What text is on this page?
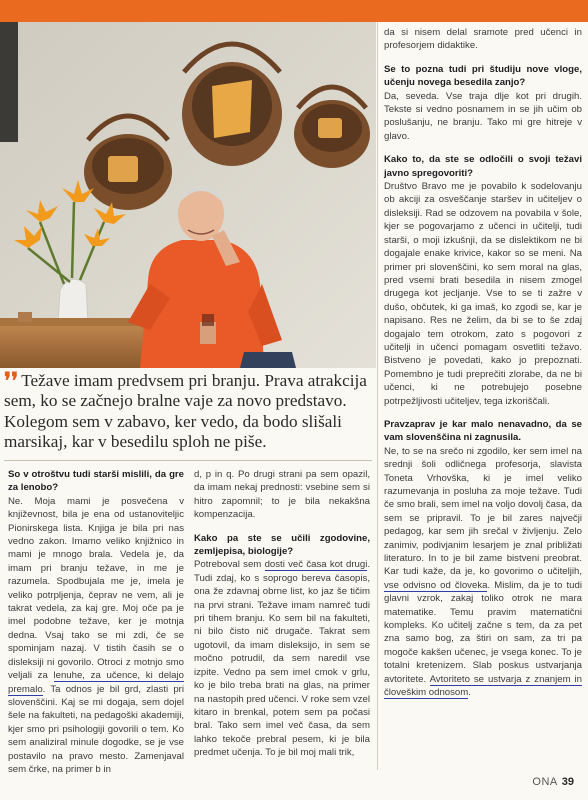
❜❜ Težave imam predvsem pri branju. Prava atrakcija sem, ko se začnejo bralne vaje za novo predstavo. Kolegom sem v zabavo, ker vedo, da bodo slišali marsikaj, kar v besedilu sploh ne piše.

So v otroštvu tudi starši mislili, da gre za lenobo?

Ne. Moja mami je posvečena v književnost, bila je ena od ustanoviteljic Pionirskega lista. Knjiga je bila pri nas vedno zakon. Imamo veliko knjižnico in mami je mnogo brala. Vedela je, da imam pri branju težave, in me je razumela. Spodbujala me je, imela je veliko potrpljenja, čeprav ne vem, ali je takrat vedela, za kaj gre. Moj oče pa je imel podobne težave, ker je motnja dedna. Vsaj tako se mi zdi, če se spominjam nazaj. V tistih časih se o disleksiji ni govorilo. Otroci z motnjo smo veljali za lenuhe, za učence, ki delajo premalo. Ta odnos je bil grd, zlasti pri slovenščini. Kaj se mi dogaja, sem dojel šele na fakulteti, na pedagoški akademiji, kjer smo pri psihologiji govorili o tem. Ko sem analiziral minule dogodke, se je vse postavilo na pravo mesto. Zamenjaval sem črke, na primer b in

d, p in q. Po drugi strani pa sem opazil, da imam nekaj prednosti: vsebine sem si hitro zapomnil; to je bila nekakšna kompenzacija.

Kako pa ste se učili zgodovine, zemljepisa, biologije?

Potreboval sem dosti več časa kot drugi. Tudi zdaj, ko s soprogo bereva časopis, ona že zdavnaj obrne list, ko jaz še tičim na prvi strani. Težave imam namreč tudi pri tihem branju. Ko sem bil na fakulteti, ni bilo čisto nič drugače. Takrat sem ugotovil, da imam disleksijo, in sem se močno potrudil, da sem naredil vse izpite. Vedno pa sem imel cmok v grlu, ko je bilo treba brati na glas, na primer na nastopih pred učenci. V roke sem vzel kitaro in brenkal, potem sem pa počasi bral. Tako sem imel več časa, da sem lahko tekoče prebral pesem, ki je bila predmet učenja. To je bil moj mali trik,

da si nisem delal sramote pred učenci in profesorjem didaktike.

Se to pozna tudi pri študiju nove vloge, učenju novega besedila zanjo?

Da, seveda. Vse traja dlje kot pri drugih. Tekste si vedno posnamem in se jih učim ob poslušanju, ne branju. Tako mi gre hitreje v glavo.

Kako to, da ste se odločili o svoji težavi javno spregovoriti?

Društvo Bravo me je povabilo k sodelovanju ob akciji za osveščanje staršev in učiteljev o disleksiji. Rad se odzovem na povabila v šole, kjer se pogovarjamo z učenci in učitelji, tudi starši, o moji izkušnji, da se dislektikom ne bi dogajale enake krivice, kakor so se meni. Na primer pri slovenščini, ko sem moral na glas, pred vsemi brati besedila in nisem zmogel drugega kot jecljanje. Vse to se ti zažre v dušo, občutek, ki ga imaš, ko zgodi se, kar je napisano. Res ne želim, da bi se to še zdaj dogajalo tem otrokom, zato s pogovori z učitelji in učenci pomagam osvetliti težavo. Bistveno je povedati, kako jo prepoznati. Pomembno je tudi preprečiti zlorabe, da ne bi učenci, ki ne potrebujejo posebne potrpežljivosti učiteljev, tega izkoriščali.

Pravzaprav je kar malo nenavadno, da se vam slovenščina ni zagnusila.

Ne, to se na srečo ni zgodilo, ker sem imel na srednji šoli odličnega profesorja, slavista Toneta Vrhovška, ki je imel veliko razumevanja in posluha za moje težave. Tudi če smo brali, sem imel na voljo dovolj časa, da sem se pripravil. To je bil zares največji pedagog, kar sem jih srečal v življenju. Zelo zanimiv, podivjanim lesarjem je znal približati literaturo. In to je bil zame bistveni preobrat. Kar tudi kaže, da je, ko govorimo o učiteljih, vse odvisno od človeka. Mislim, da je to tudi glavni vzrok, zakaj toliko otrok ne mara matematike. Temu pravim matematični kompleks. Ko učitelj začne s tem, da za pet zna samo bog, za štiri on sam, za tri pa mogoče kakšen učenec, je vsega konec. To je totalni kretenizem. Slab poskus ustvarjanja avtoritete. Avtoriteto se ustvarja z znanjem in človeškim odnosom.

ONA 39
